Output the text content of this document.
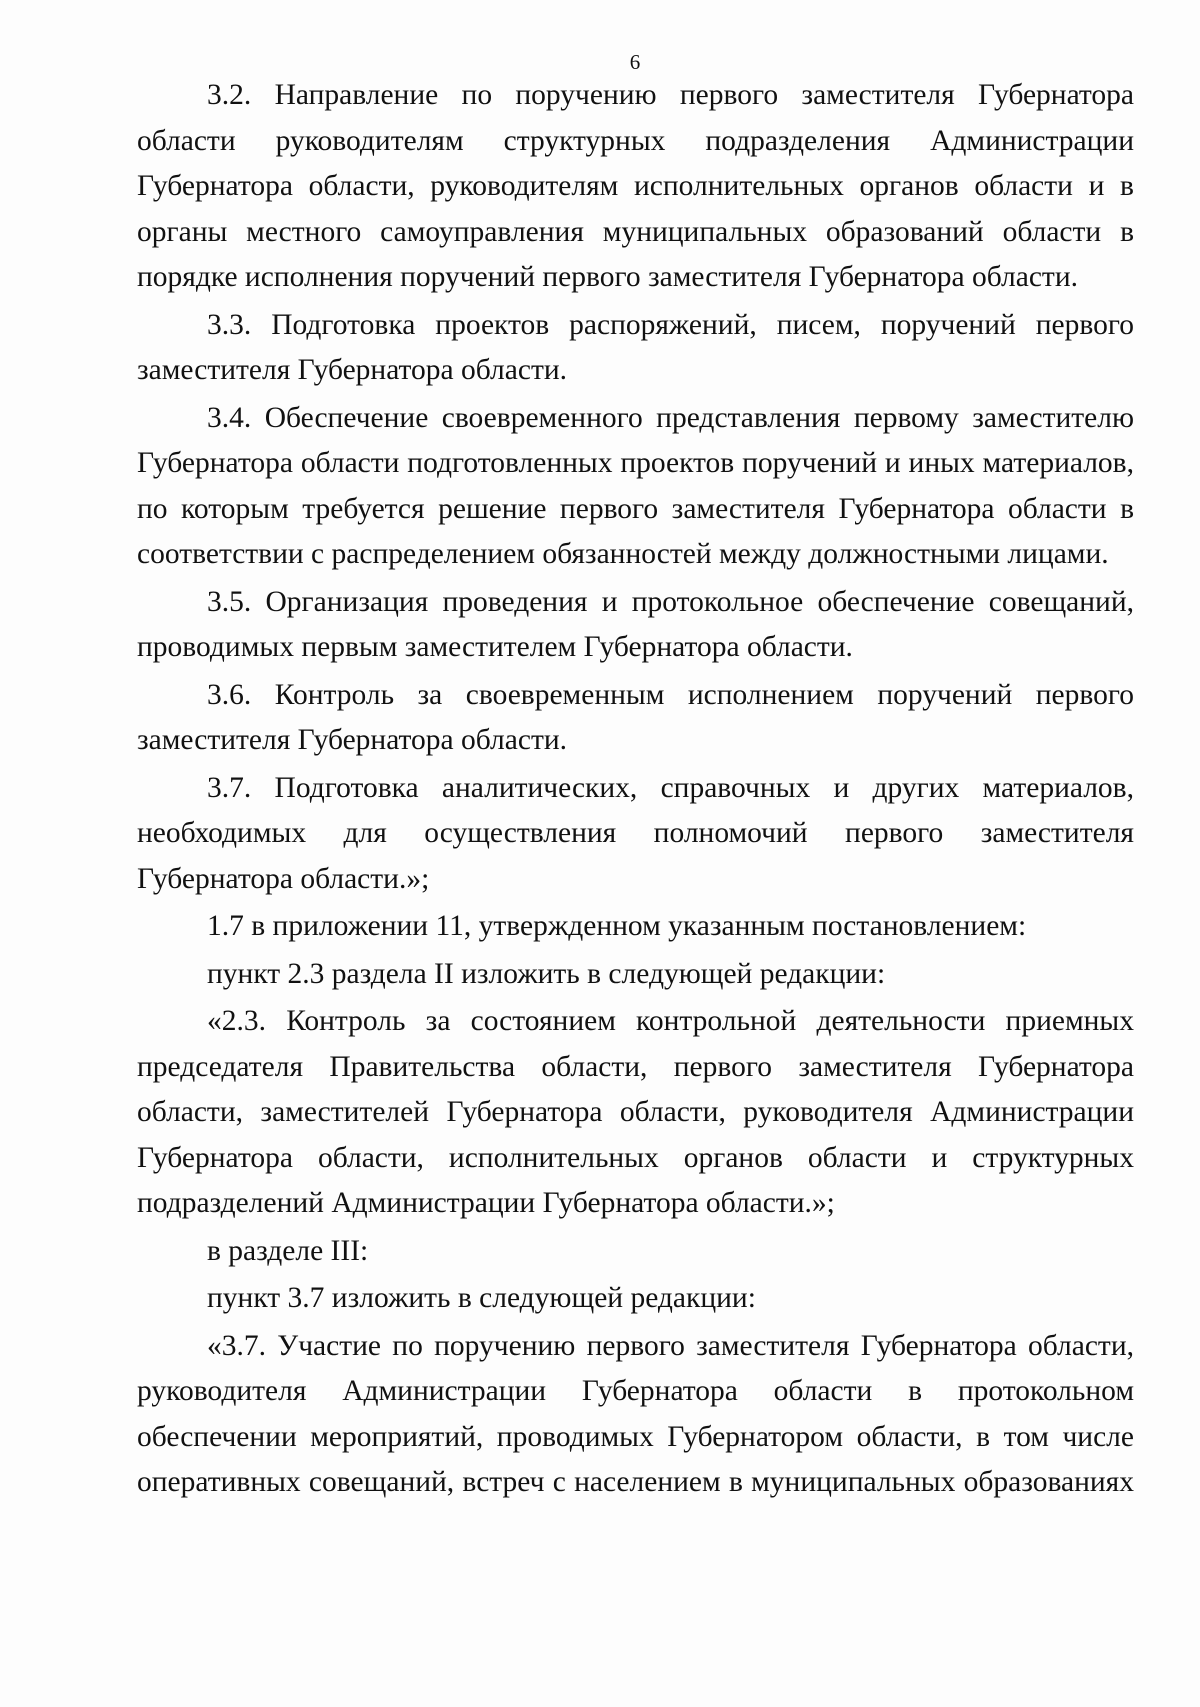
6

3.2. Направление по поручению первого заместителя Губернатора области руководителям структурных подразделения Администрации Губернатора области, руководителям исполнительных органов области и в органы местного самоуправления муниципальных образований области в порядке исполнения поручений первого заместителя Губернатора области.

3.3. Подготовка проектов распоряжений, писем, поручений первого заместителя Губернатора области.

3.4. Обеспечение своевременного представления первому заместителю Губернатора области подготовленных проектов поручений и иных материалов, по которым требуется решение первого заместителя Губернатора области в соответствии с распределением обязанностей между должностными лицами.

3.5. Организация проведения и протокольное обеспечение совещаний, проводимых первым заместителем Губернатора области.

3.6. Контроль за своевременным исполнением поручений первого заместителя Губернатора области.

3.7. Подготовка аналитических, справочных и других материалов, необходимых для осуществления полномочий первого заместителя Губернатора области.»;

1.7 в приложении 11, утвержденном указанным постановлением:

пункт 2.3 раздела II изложить в следующей редакции:

«2.3. Контроль за состоянием контрольной деятельности приемных председателя Правительства области, первого заместителя Губернатора области, заместителей Губернатора области, руководителя Администрации Губернатора области, исполнительных органов области и структурных подразделений Администрации Губернатора области.»;

в разделе III:

пункт 3.7 изложить в следующей редакции:

«3.7. Участие по поручению первого заместителя Губернатора области, руководителя Администрации Губернатора области в протокольном обеспечении мероприятий, проводимых Губернатором области, в том числе оперативных совещаний, встреч с населением в муниципальных образованиях
